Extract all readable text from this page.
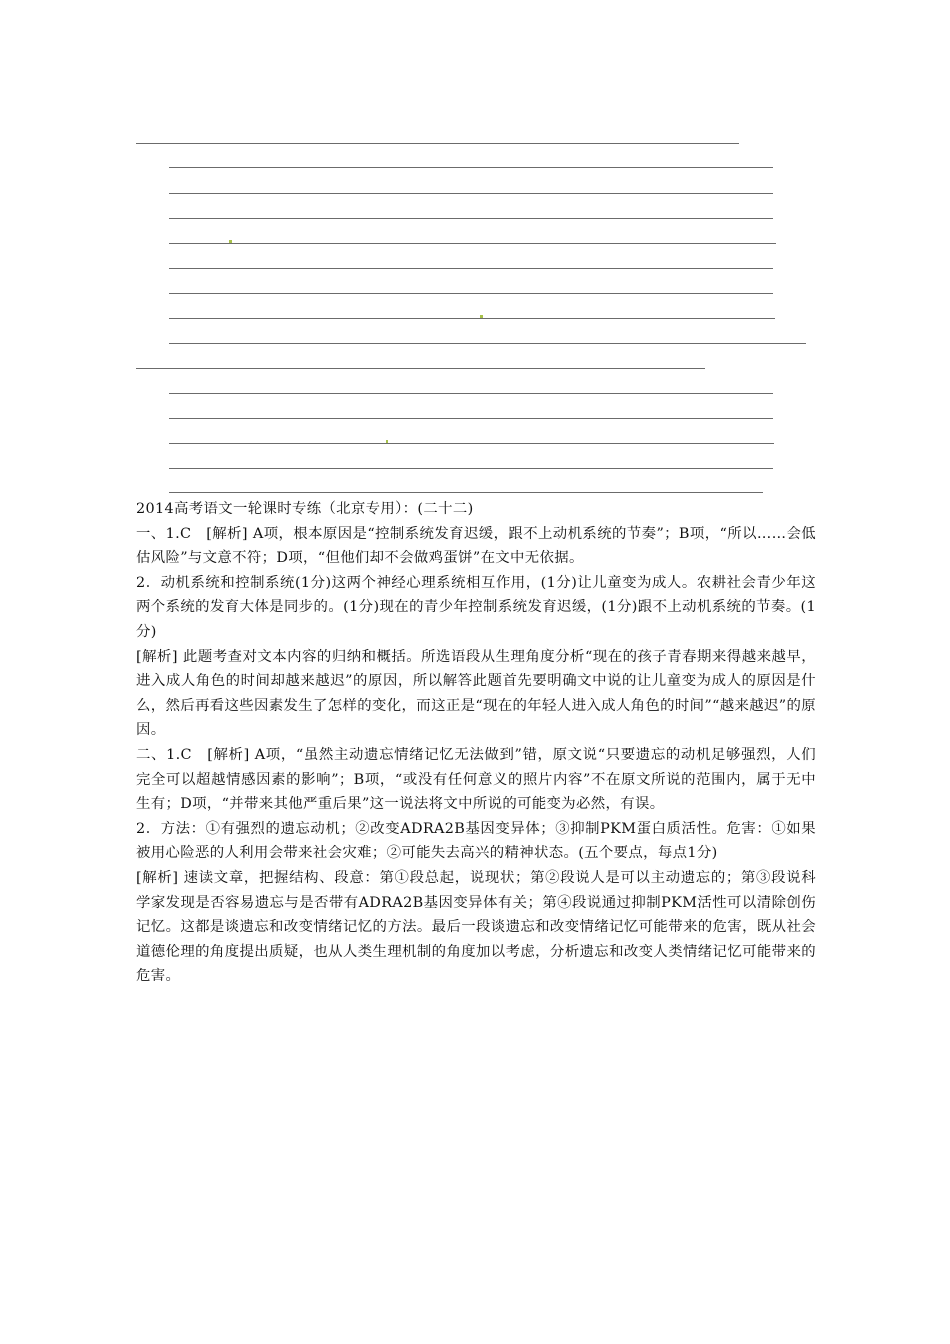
2014高考语文一轮课时专练（北京专用）：(二十二)

一、1.C　[解析] A项，根本原因是“控制系统发育迟缓，跟不上动机系统的节奏”；B项，“所以……会低估风险”与文意不符；D项，“但他们却不会做鸡蛋饼”在文中无依据。

2．动机系统和控制系统(1分)这两个神经心理系统相互作用，(1分)让儿童变为成人。农耕社会青少年这两个系统的发育大体是同步的。(1分)现在的青少年控制系统发育迟缓，(1分)跟不上动机系统的节奏。(1分)

[解析] 此题考查对文本内容的归纳和概括。所选语段从生理角度分析“现在的孩子青春期来得越来越早，进入成人角色的时间却越来越迟”的原因，所以解答此题首先要明确文中说的让儿童变为成人的原因是什么，然后再看这些因素发生了怎样的变化，而这正是“现在的年轻人进入成人角色的时间”“越来越迟”的原因。

二、1.C　[解析] A项，“虽然主动遗忘情绪记忆无法做到”错，原文说“只要遗忘的动机足够强烈，人们完全可以超越情感因素的影响”；B项，“或没有任何意义的照片内容”不在原文所说的范围内，属于无中生有；D项，“并带来其他严重后果”这一说法将文中所说的可能变为必然，有误。

2．方法：①有强烈的遗忘动机；②改变ADRA2B基因变异体；③抑制PKM蛋白质活性。危害：①如果被用心险恶的人利用会带来社会灾难；②可能失去高兴的精神状态。(五个要点，每点1分)

[解析] 速读文章，把握结构、段意：第①段总起，说现状；第②段说人是可以主动遗忘的；第③段说科学家发现是否容易遗忘与是否带有ADRA2B基因变异体有关；第④段说通过抑制PKM活性可以清除创伤记忆。这都是谈遗忘和改变情绪记忆的方法。最后一段谈遗忘和改变情绪记忆可能带来的危害，既从社会道德伦理的角度提出质疑，也从人类生理机制的角度加以考虑，分析遗忘和改变人类情绪记忆可能带来的危害。
